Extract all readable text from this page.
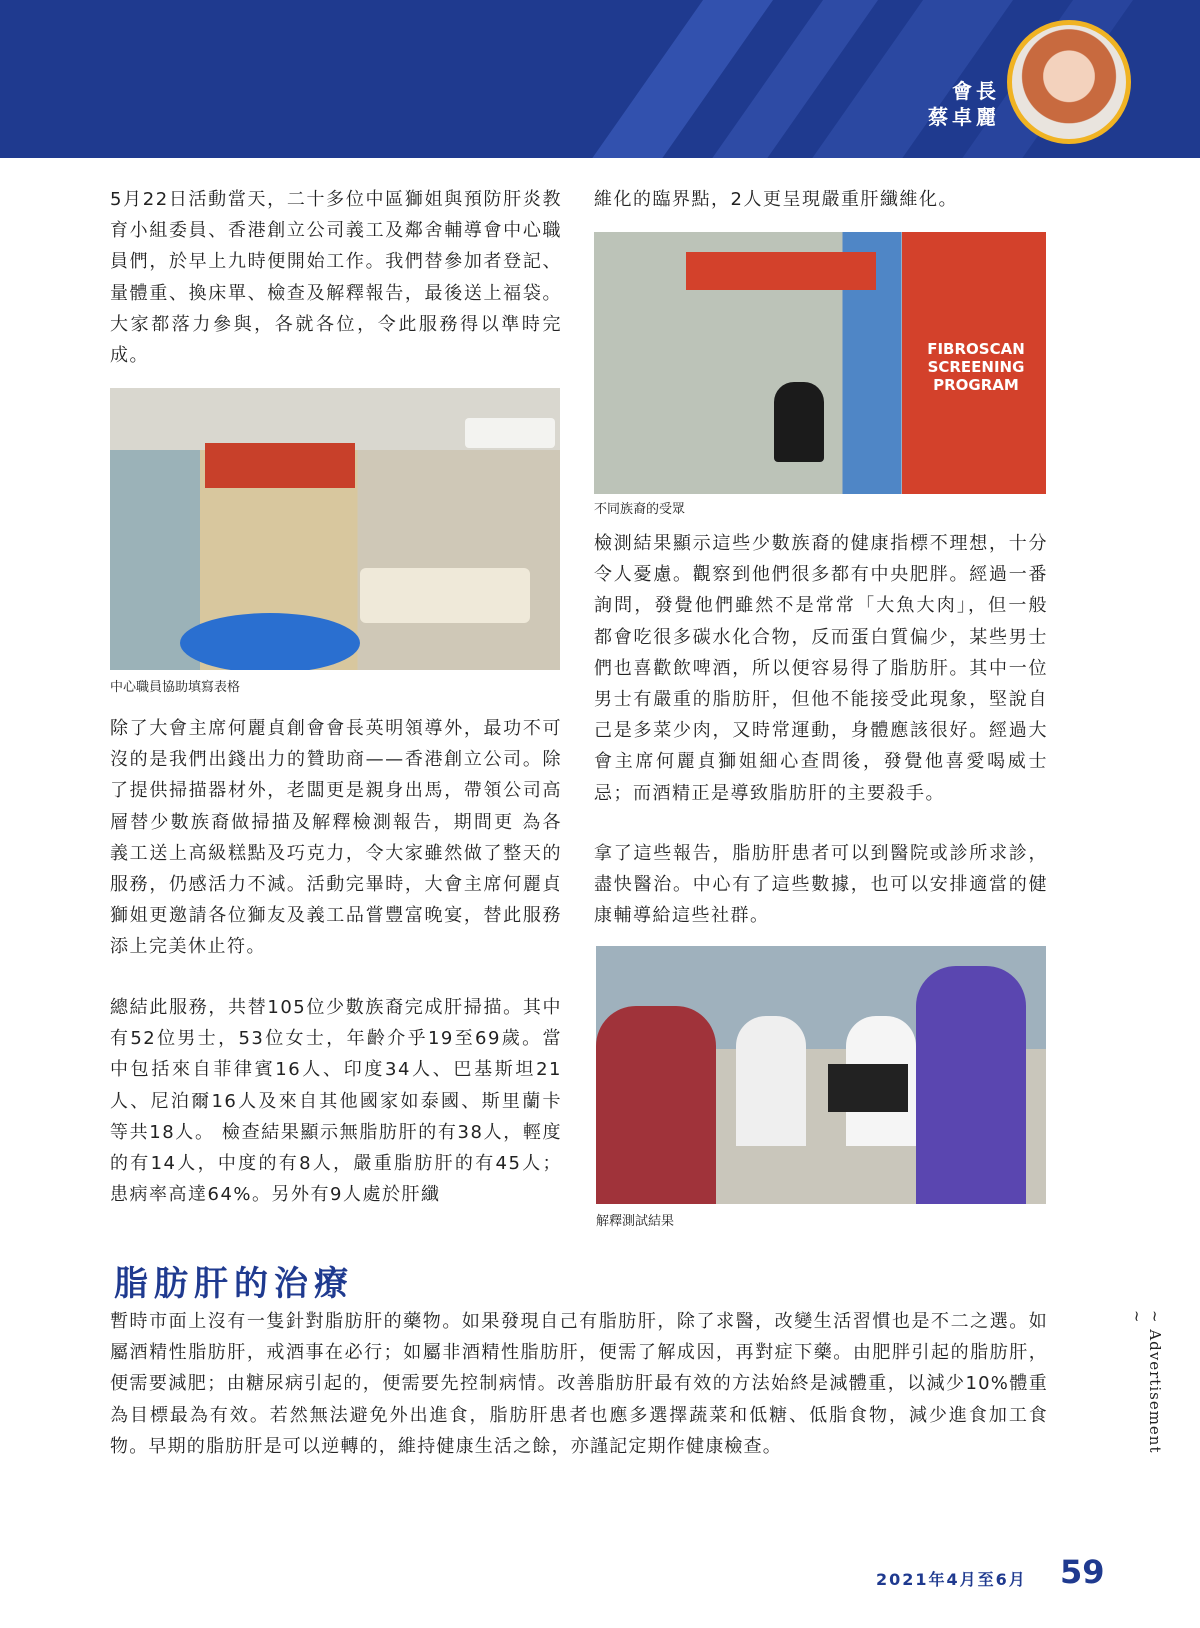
會長
蔡卓麗

5月22日活動當天，二十多位中區獅姐與預防肝炎教育小組委員、香港創立公司義工及鄰舍輔導會中心職員們，於早上九時便開始工作。我們替參加者登記、量體重、換床單、檢查及解釋報告，最後送上福袋。大家都落力參與，各就各位，令此服務得以準時完成。

中心職員協助填寫表格

除了大會主席何麗貞創會會長英明領導外，最功不可沒的是我們出錢出力的贊助商——香港創立公司。除了提供掃描器材外，老闆更是親身出馬，帶領公司高層替少數族裔做掃描及解釋檢測報告，期間更 為各義工送上高級糕點及巧克力，令大家雖然做了整天的服務，仍感活力不減。活動完畢時，大會主席何麗貞獅姐更邀請各位獅友及義工品嘗豐富晚宴，替此服務添上完美休止符。

總結此服務，共替105位少數族裔完成肝掃描。其中有52位男士，53位女士，年齡介乎19至69歲。當中包括來自菲律賓16人、印度34人、巴基斯坦21人、尼泊爾16人及來自其他國家如泰國、斯里蘭卡等共18人。 檢查結果顯示無脂肪肝的有38人，輕度的有14人，中度的有8人，嚴重脂肪肝的有45人；患病率高達64%。另外有9人處於肝纖

維化的臨界點，2人更呈現嚴重肝纖維化。

FIBROSCAN SCREENING PROGRAM
不同族裔的受眾

檢測結果顯示這些少數族裔的健康指標不理想，十分令人憂慮。觀察到他們很多都有中央肥胖。經過一番詢問，發覺他們雖然不是常常「大魚大肉」，但一般都會吃很多碳水化合物，反而蛋白質偏少，某些男士們也喜歡飲啤酒，所以便容易得了脂肪肝。其中一位男士有嚴重的脂肪肝，但他不能接受此現象，堅說自己是多菜少肉，又時常運動，身體應該很好。經過大會主席何麗貞獅姐細心查問後，發覺他喜愛喝威士忌；而酒精正是導致脂肪肝的主要殺手。

拿了這些報告，脂肪肝患者可以到醫院或診所求診，盡快醫治。中心有了這些數據，也可以安排適當的健康輔導給這些社群。

解釋測試結果
脂肪肝的治療

暫時市面上沒有一隻針對脂肪肝的藥物。如果發現自己有脂肪肝，除了求醫，改變生活習慣也是不二之選。如屬酒精性脂肪肝，戒酒事在必行；如屬非酒精性脂肪肝，便需了解成因，再對症下藥。由肥胖引起的脂肪肝，便需要減肥；由糖尿病引起的，便需要先控制病情。改善脂肪肝最有效的方法始終是減體重，以減少10%體重為目標最為有效。若然無法避免外出進食，脂肪肝患者也應多選擇蔬菜和低糖、低脂食物，減少進食加工食物。早期的脂肪肝是可以逆轉的，維持健康生活之餘，亦謹記定期作健康檢查。	~ Advertisement ~
2021年4月至6月 59
